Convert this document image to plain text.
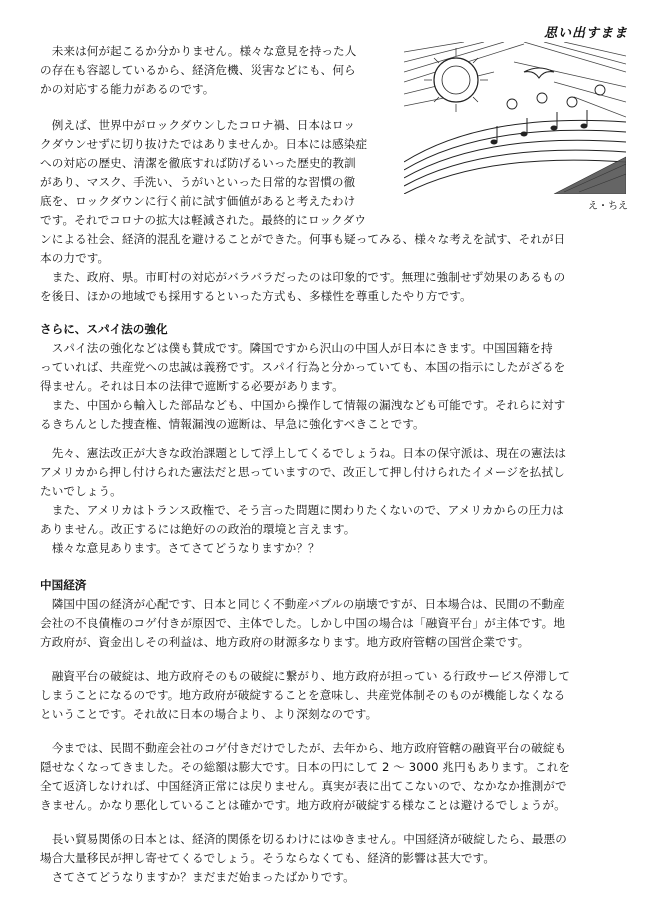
思い出すまま

え・ちえ

　未来は何が起こるか分かりません。様々な意見を持った人
の存在も容認しているから、経済危機、災害などにも、何ら
かの対応する能力があるのです。

　例えば、世界中がロックダウンしたコロナ禍、日本はロッ
クダウンせずに切り抜けたではありませんか。日本には感染症
への対応の歴史、清潔を徹底すれば防げるいった歴史的教訓
があり、マスク、手洗い、うがいといった日常的な習慣の徹
底を、ロックダウンに行く前に試す価値があると考えたわけ
です。それでコロナの拡大は軽減された。最終的にロックダウ

ンによる社会、経済的混乱を避けることができた。何事も疑ってみる、様々な考えを試す、それが日
本の力です。
　また、政府、県。市町村の対応がバラバラだったのは印象的です。無理に強制せず効果のあるもの
を後日、ほかの地域でも採用するといった方式も、多様性を尊重したやり方です。

さらに、スパイ法の強化

　スパイ法の強化などは僕も賛成です。隣国ですから沢山の中国人が日本にきます。中国国籍を持
っていれば、共産党への忠誠は義務です。スパイ行為と分かっていても、本国の指示にしたがざるを
得ません。それは日本の法律で遮断する必要があります。
　また、中国から輸入した部品なども、中国から操作して情報の漏洩なども可能です。それらに対す
るきちんとした捜査権、情報漏洩の遮断は、早急に強化すべきことです。

　先々、憲法改正が大きな政治課題として浮上してくるでしょうね。日本の保守派は、現在の憲法は
アメリカから押し付けられた憲法だと思っていますので、改正して押し付けられたイメージを払拭し
たいでしょう。
　また、アメリカはトランス政権で、そう言った問題に関わりたくないので、アメリカからの圧力は
ありません。改正するには絶好のの政治的環境と言えます。
　様々な意見あります。さてさてどうなりますか？？

中国経済

　隣国中国の経済が心配です、日本と同じく不動産バブルの崩壊ですが、日本場合は、民間の不動産
会社の不良債権のコゲ付きが原因で、主体でした。しかし中国の場合は「融資平台」が主体です。地
方政府が、資金出しその利益は、地方政府の財源多なります。地方政府管轄の国営企業です。

　融資平台の破綻は、地方政府そのもの破綻に繋がり、地方政府が担ってい る行政サービス停滞して
しまうことになるのです。地方政府が破綻することを意味し、共産党体制そのものが機能しなくなる
ということです。それ故に日本の場合より、より深刻なのです。

　今までは、民間不動産会社のコゲ付きだけでしたが、去年から、地方政府管轄の融資平台の破綻も
隠せなくなってきました。その総額は膨大です。日本の円にして 2 ～ 3000 兆円もあります。これを
全て返済しなければ、中国経済正常には戻りません。真実が表に出てこないので、なかなか推測がで
きません。かなり悪化していることは確かです。地方政府が破綻する様なことは避けるでしょうが。

　長い貿易関係の日本とは、経済的関係を切るわけにはゆきません。中国経済が破綻したら、最悪の
場合大量移民が押し寄せてくるでしょう。そうならなくても、経済的影響は甚大です。
　さてさてどうなりますか？まだまだ始まったばかりです。
